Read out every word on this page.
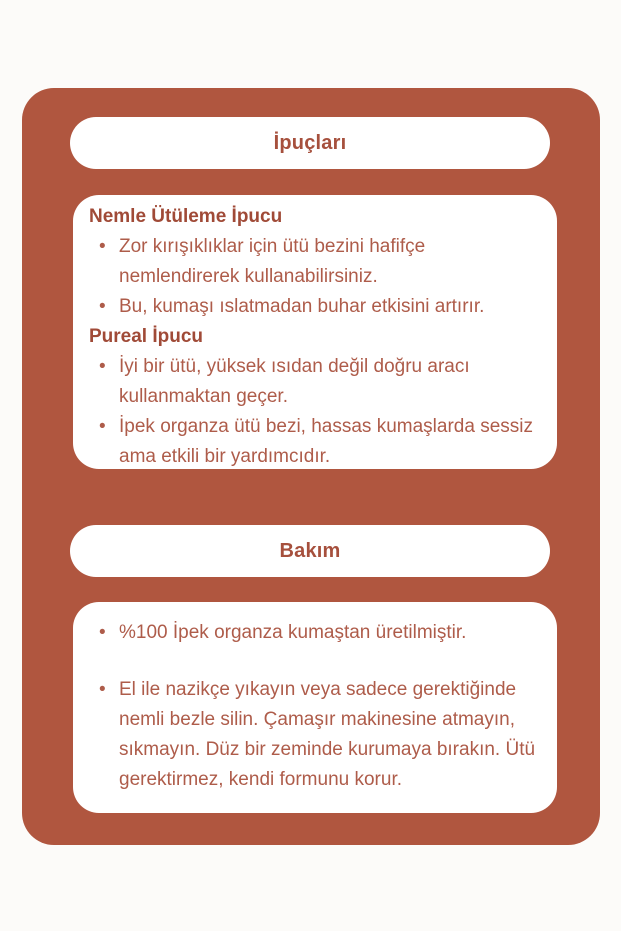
İpuçları
Nemle Ütüleme İpucu
• Zor kırışıklıklar için ütü bezini hafifçe nemlendirerek kullanabilirsiniz.
• Bu, kumaşı ıslatmadan buhar etkisini artırır.
Pureal İpucu
• İyi bir ütü, yüksek ısıdan değil doğru aracı kullanmaktan geçer.
• İpek organza ütü bezi, hassas kumaşlarda sessiz ama etkili bir yardımcıdır.
Bakım
• %100 İpek organza kumaştan üretilmiştir.
• El ile nazikçe yıkayın veya sadece gerektiğinde nemli bezle silin. Çamaşır makinesine atmayın, sıkmayın. Düz bir zeminde kurumaya bırakın. Ütü gerektirmez, kendi formunu korur.
